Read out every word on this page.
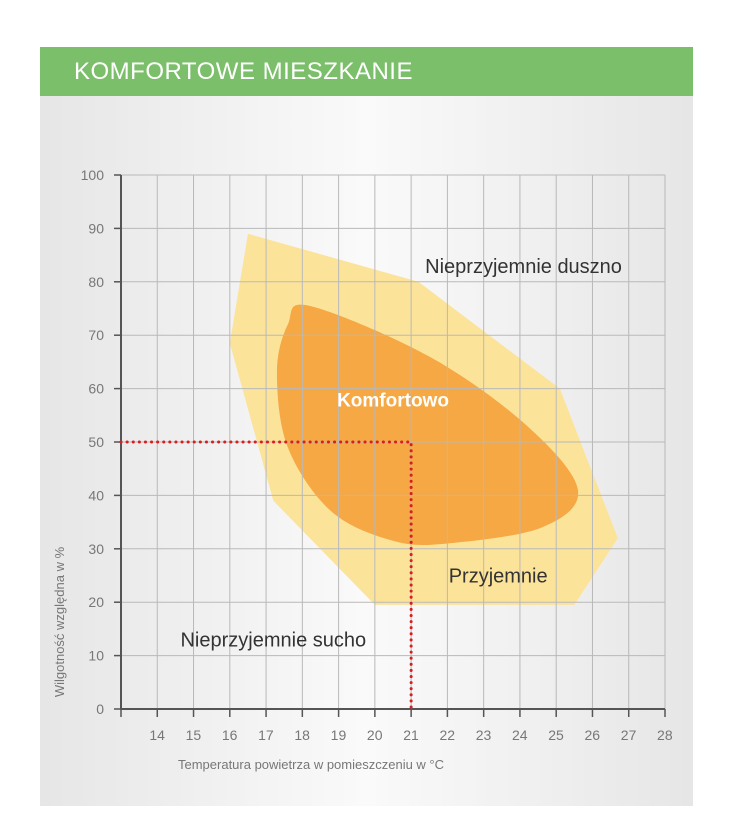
KOMFORTOWE MIESZKANIE
0
10
20
30
40
50
60
70
80
90
100
14 15 16 17 18 19 20 21 22 23 24 25 26 27 28
Temperatura powietrza w pomieszczeniu w °C
Wilgotność względna w %	Przyjemnie
Komfortowo
Nieprzyjemnie duszno
Nieprzyjemnie sucho
